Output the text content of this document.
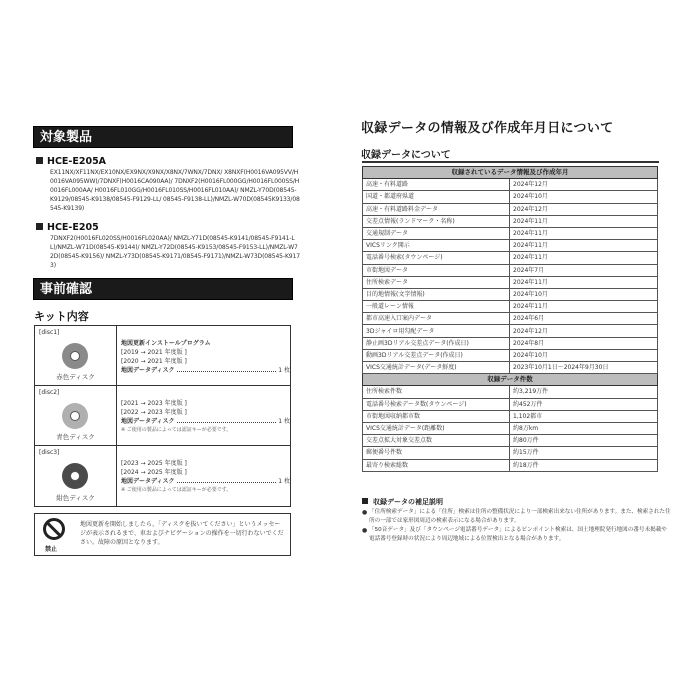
対象製品
HCE-E205A
EX11NX/XF11NX/EX10NX/EX9NX/X9NX/X8NX/7WNX/7DNX/ X8NXF(H0016VA095VV/H0016VA095WW)/7DNXF(H0016CA090AA)/ 7DNXF2(H0016FL000GG/H0016FL000SS/H0016FL000AA/ H0016FL010GG/H0016FL010SS/H0016FL010AA)/ NMZL-Y70D(08545-K9129/08545-K9138/08545-F9129-LL/ 08545-F9138-LL)/NMZL-W70D(08545K9133/08545-K9139)
HCE-E205
7DNXF2(H0016FL020SS/H0016FL020AA)/ NMZL-Y71D(08545-K9141/08545-F9141-LL)/NMZL-W71D(08545-K9144)/ NMZL-Y72D(08545-K9153/08545-F9153-LL)/NMZL-W72D(08545-K9156)/ NMZL-Y73D(08545-K9171/08545-F9171)/NMZL-W73D(08545-K9173)
事前確認
キット内容
[disc1]
赤色ディスク
地図更新インストールプログラム
[2019 → 2021 年度版 ]
[2020 → 2021 年度版 ]
地図データディスク	1 枚
[disc2]
青色ディスク
[2021 → 2023 年度版 ]
[2022 → 2023 年度版 ]
地図データディスク	1 枚
※ ご使用の製品によっては認証キーが必要です。
[disc3]
紺色ディスク
[2023 → 2025 年度版 ]
[2024 → 2025 年度版 ]
地図データディスク	1 枚
※ ご使用の製品によっては認証キーが必要です。
禁止
地図更新を開始しましたら、「ディスクを抜いてください」というメッセージが表示されるまで、車およびナビゲーションの操作を一切行わないでください。故障の原因となります。
収録データの情報及び作成年月日について
収録データについて
収録されているデータ情報及び作成年月	
高速・有料道路	2024年12月
国道・都道府県道	2024年10月
高速・有料道路料金データ	2024年12月
交差点情報(ランドマーク・名称)	2024年11月
交通規制データ	2024年11月
VICSリンク開示	2024年11月
電話番号検索(タウンページ)	2024年11月
市街地図データ	2024年7月
住所検索データ	2024年11月
目的地情報(文字情報)	2024年10月
一般道レーン情報	2024年11月
都市高速入口案内データ	2024年6月
3Dジャイロ用勾配データ	2024年12月
静止画3Dリアル交差点データ(作成日)	2024年8月
動画3Dリアル交差点データ(作成日)	2024年10月
VICS交通統計データ(データ鮮度)	2023年10月1日～2024年9月30日
収録データ件数	
住所検索件数	約3,219万件
電話番号検索データ数(タウンページ)	約452万件
市街地図収納都市数	1,102都市
VICS交通統計データ(距離数)	約8万km
交差点拡大対象交差点数	約80万件
郵便番号件数	約15万件
最寄り検索総数	約18万件
収録データの補足説明
● 「住所検索データ」による「住所」検索は住所の整備状況により一部検索出来ない住所があります。また、検索された住所の一部では家形図周辺の検索表示になる場合があります。
● 「50音データ」及び「タウンページ電話番号データ」によるピンポイント検索は、国土地理院発行地図の番号未掲載や電話番号登録時の状況により周辺地域による位置検出となる場合があります。
